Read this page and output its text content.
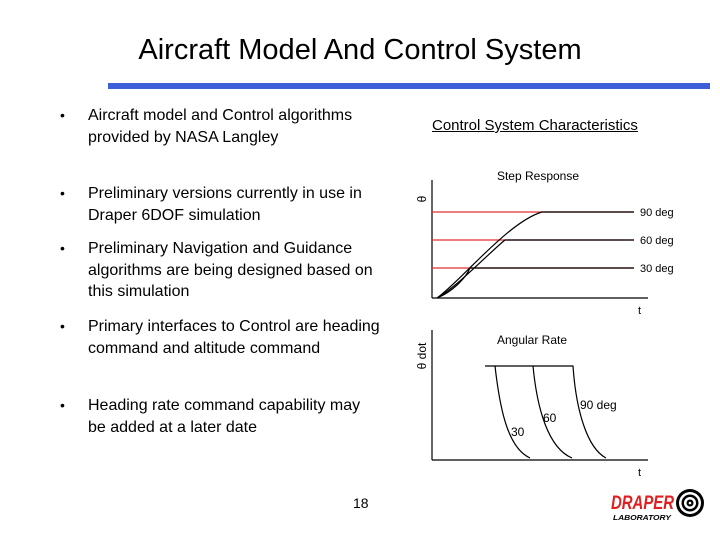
Aircraft Model And Control System
• Aircraft model and Control algorithms provided by NASA Langley
• Preliminary versions currently in use in Draper 6DOF simulation
• Preliminary Navigation and Guidance algorithms are being designed based on this simulation
• Primary interfaces to Control are heading command and altitude command
• Heading rate command capability may be added at a later date
Control System Characteristics
Step Response
θ
90 deg
60 deg
30 deg
t
Angular Rate
θ dot
30
60
90 deg
t
DRAPER
LABORATORY
18
